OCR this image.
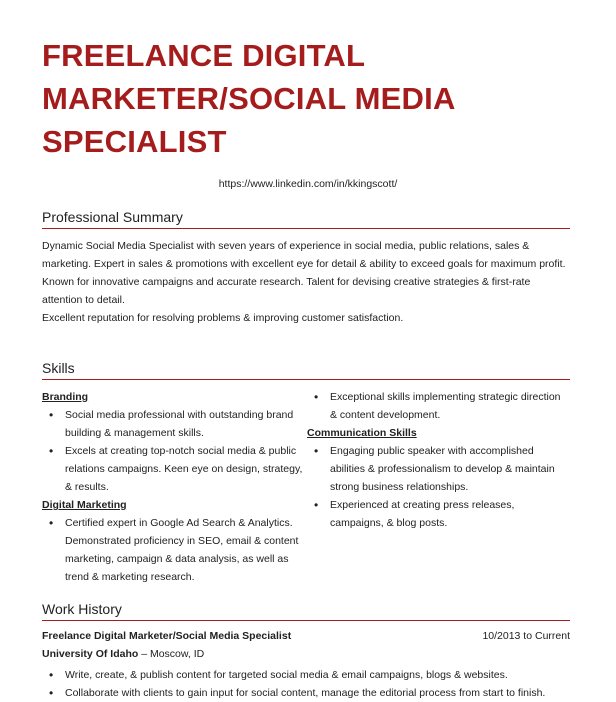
FREELANCE DIGITAL
MARKETER/SOCIAL MEDIA
SPECIALIST
https://www.linkedin.com/in/kkingscott/
Professional Summary

Dynamic Social Media Specialist with seven years of experience in social media, public relations, sales & marketing. Expert in sales & promotions with excellent eye for detail & ability to exceed goals for maximum profit.

Known for innovative campaigns and accurate research. Talent for devising creative strategies & first-rate attention to detail.

Excellent reputation for resolving problems & improving customer satisfaction.

Skills

Branding

• Social media professional with outstanding brand building & management skills.
• Excels at creating top-notch social media & public relations campaigns. Keen eye on design, strategy, & results.

Digital Marketing

• Certified expert in Google Ad Search & Analytics. Demonstrated proficiency in SEO, email & content marketing, campaign & data analysis, as well as trend & marketing research.
• Exceptional skills implementing strategic direction & content development.

Communication Skills

• Engaging public speaker with accomplished abilities & professionalism to develop & maintain strong business relationships.
• Experienced at creating press releases, campaigns, & blog posts.
Work History
Freelance Digital Marketer/Social Media Specialist	10/2013 to Current
University Of Idaho – Moscow, ID
• Write, create, & publish content for targeted social media & email campaigns, blogs & websites.
• Collaborate with clients to gain input for social content, manage the editorial process from start to finish.
